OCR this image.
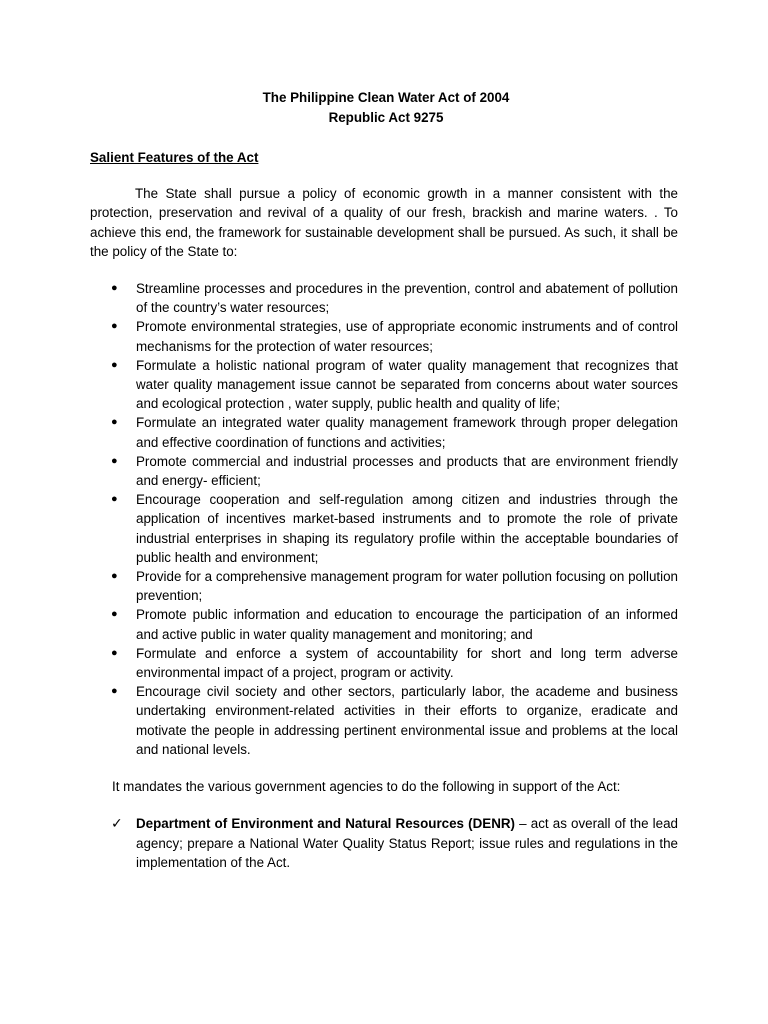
The Philippine Clean Water Act of 2004
Republic Act 9275
Salient Features of the Act

The State shall pursue a policy of economic growth in a manner consistent with the protection, preservation and revival of a quality of our fresh, brackish and marine waters. . To achieve this end, the framework for sustainable development shall be pursued. As such, it shall be the policy of the State to:

● Streamline processes and procedures in the prevention, control and abatement of pollution of the country’s water resources;
● Promote environmental strategies, use of appropriate economic instruments and of control mechanisms for the protection of water resources;
● Formulate a holistic national program of water quality management that recognizes that water quality management issue cannot be separated from concerns about water sources and ecological protection , water supply, public health and quality of life;
● Formulate an integrated water quality management framework through proper delegation and effective coordination of functions and activities;
● Promote commercial and industrial processes and products that are environment friendly and energy- efficient;
● Encourage cooperation and self-regulation among citizen and industries through the application of incentives market-based instruments and to promote the role of private industrial enterprises in shaping its regulatory profile within the acceptable boundaries of public health and environment;
● Provide for a comprehensive management program for water pollution focusing on pollution prevention;
● Promote public information and education to encourage the participation of an informed and active public in water quality management and monitoring; and
● Formulate and enforce a system of accountability for short and long term adverse environmental impact of a project, program or activity.
● Encourage civil society and other sectors, particularly labor, the academe and business undertaking environment-related activities in their efforts to organize, eradicate and motivate the people in addressing pertinent environmental issue and problems at the local and national levels.
It mandates the various government agencies to do the following in support of the Act:
✓ Department of Environment and Natural Resources (DENR) – act as overall of the lead agency; prepare a National Water Quality Status Report; issue rules and regulations in the implementation of the Act.
